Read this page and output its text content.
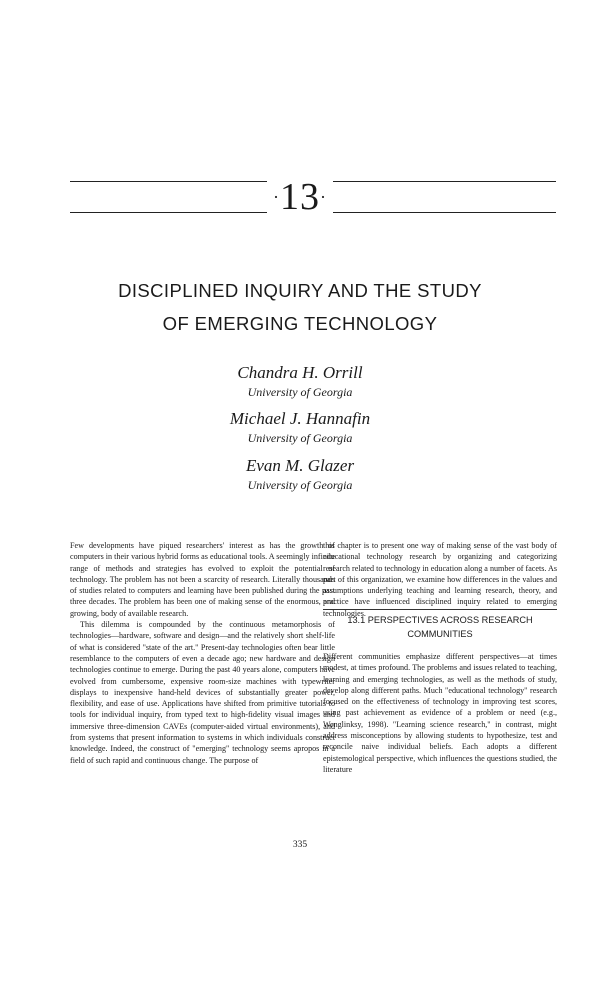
·13·
DISCIPLINED INQUIRY AND THE STUDY
OF EMERGING TECHNOLOGY
Chandra H. Orrill
University of Georgia
Michael J. Hannafin
University of Georgia
Evan M. Glazer
University of Georgia

Few developments have piqued researchers' interest as has the growth of computers in their various hybrid forms as educational tools. A seemingly infinite range of methods and strategies has evolved to exploit the potential of technology. The problem has not been a scarcity of research. Literally thousands of studies related to computers and learning have been published during the past three decades. The problem has been one of making sense of the enormous, and growing, body of available research.

This dilemma is compounded by the continuous metamorphosis of technologies—hardware, software and design—and the relatively short shelf-life of what is considered "state of the art." Present-day technologies often bear little resemblance to the computers of even a decade ago; new hardware and design technologies continue to emerge. During the past 40 years alone, computers have evolved from cumbersome, expensive room-size machines with typewriter displays to inexpensive hand-held devices of substantially greater power, flexibility, and ease of use. Applications have shifted from primitive tutorials to tools for individual inquiry, from typed text to high-fidelity visual images and immersive three-dimension CAVEs (computer-aided virtual environments), and from systems that present information to systems in which individuals construct knowledge. Indeed, the construct of "emerging" technology seems apropos in a field of such rapid and continuous change. The purpose of

this chapter is to present one way of making sense of the vast body of educational technology research by organizing and categorizing research related to technology in education along a number of facets. As part of this organization, we examine how differences in the values and assumptions underlying teaching and learning research, theory, and practice have influenced disciplined inquiry related to emerging technologies.

13.1 PERSPECTIVES ACROSS RESEARCH COMMUNITIES

Different communities emphasize different perspectives—at times modest, at times profound. The problems and issues related to teaching, learning and emerging technologies, as well as the methods of study, develop along different paths. Much "educational technology" research focused on the effectiveness of technology in improving test scores, using past achievement as evidence of a problem or need (e.g., Wenglinksy, 1998). "Learning science research," in contrast, might address misconceptions by allowing students to hypothesize, test and reconcile naive individual beliefs. Each adopts a different epistemological perspective, which influences the questions studied, the literature

335
